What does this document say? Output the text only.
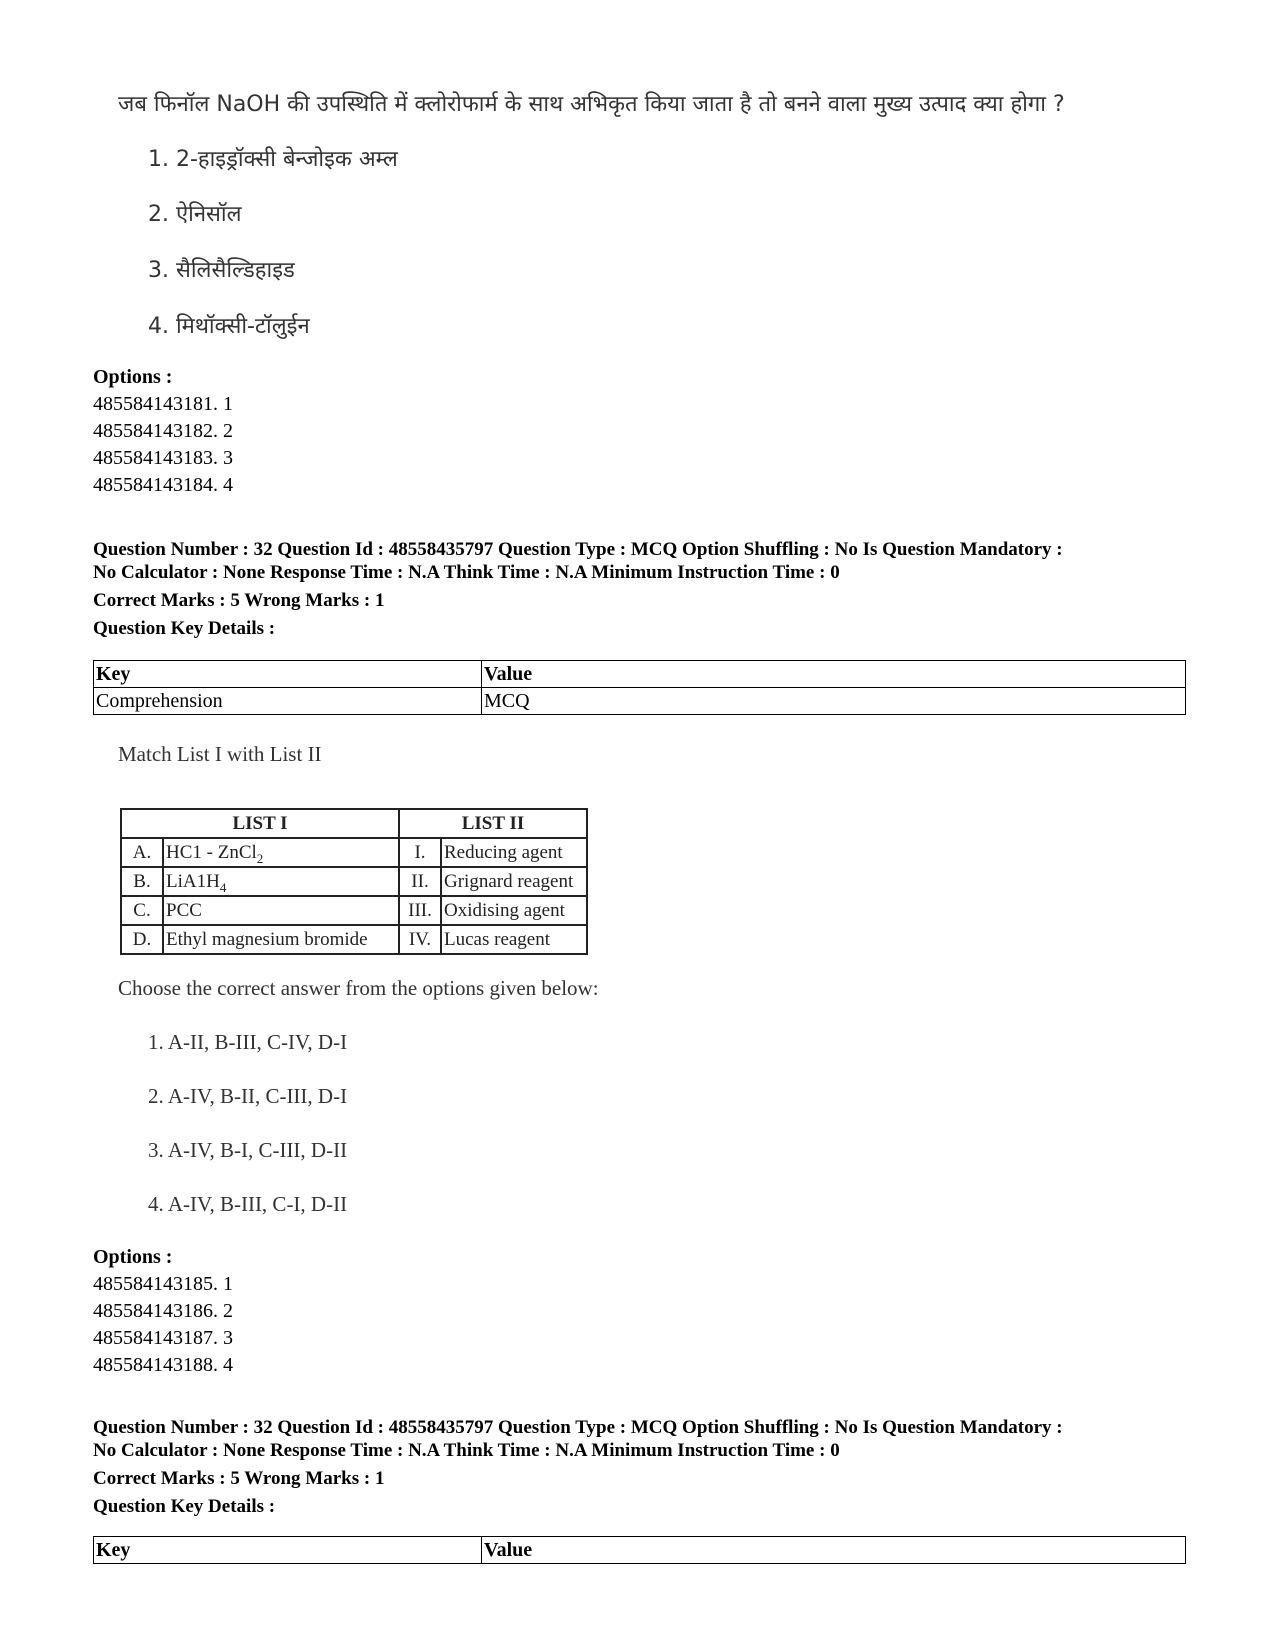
जब फिनॉल NaOH की उपस्थिति में क्लोरोफार्म के साथ अभिकृत किया जाता है तो बनने वाला मुख्य उत्पाद क्या होगा ?
1. 2-हाइड्रॉक्सी बेन्जोइक अम्ल
2. ऐनिसॉल
3. सैलिसैल्डिहाइड
4. मिथॉक्सी-टॉलुईन
Options :
485584143181. 1
485584143182. 2
485584143183. 3
485584143184. 4
Question Number : 32 Question Id : 48558435797 Question Type : MCQ Option Shuffling : No Is Question Mandatory :
No Calculator : None Response Time : N.A Think Time : N.A Minimum Instruction Time : 0
Correct Marks : 5 Wrong Marks : 1
Question Key Details :
Key	Value
Comprehension	MCQ
Match List I with List II
LIST I		LIST II	
A.	HC1 - ZnCl$_2$	I.	Reducing agent
B.	$LiA1H_4$	II.	Grignard reagent
C.	PCC	III.	Oxidising agent
D.	Ethyl magnesium bromide	IV.	Lucas reagent
Choose the correct answer from the options given below:
1. A-II, B-III, C-IV, D-I
2. A-IV, B-II, C-III, D-I
3. A-IV, B-I, C-III, D-II
4. A-IV, B-III, C-I, D-II
Options :
485584143185. 1
485584143186. 2
485584143187. 3
485584143188. 4
Question Number : 32 Question Id : 48558435797 Question Type : MCQ Option Shuffling : No Is Question Mandatory :
No Calculator : None Response Time : N.A Think Time : N.A Minimum Instruction Time : 0
Correct Marks : 5 Wrong Marks : 1
Question Key Details :
Key	Value
